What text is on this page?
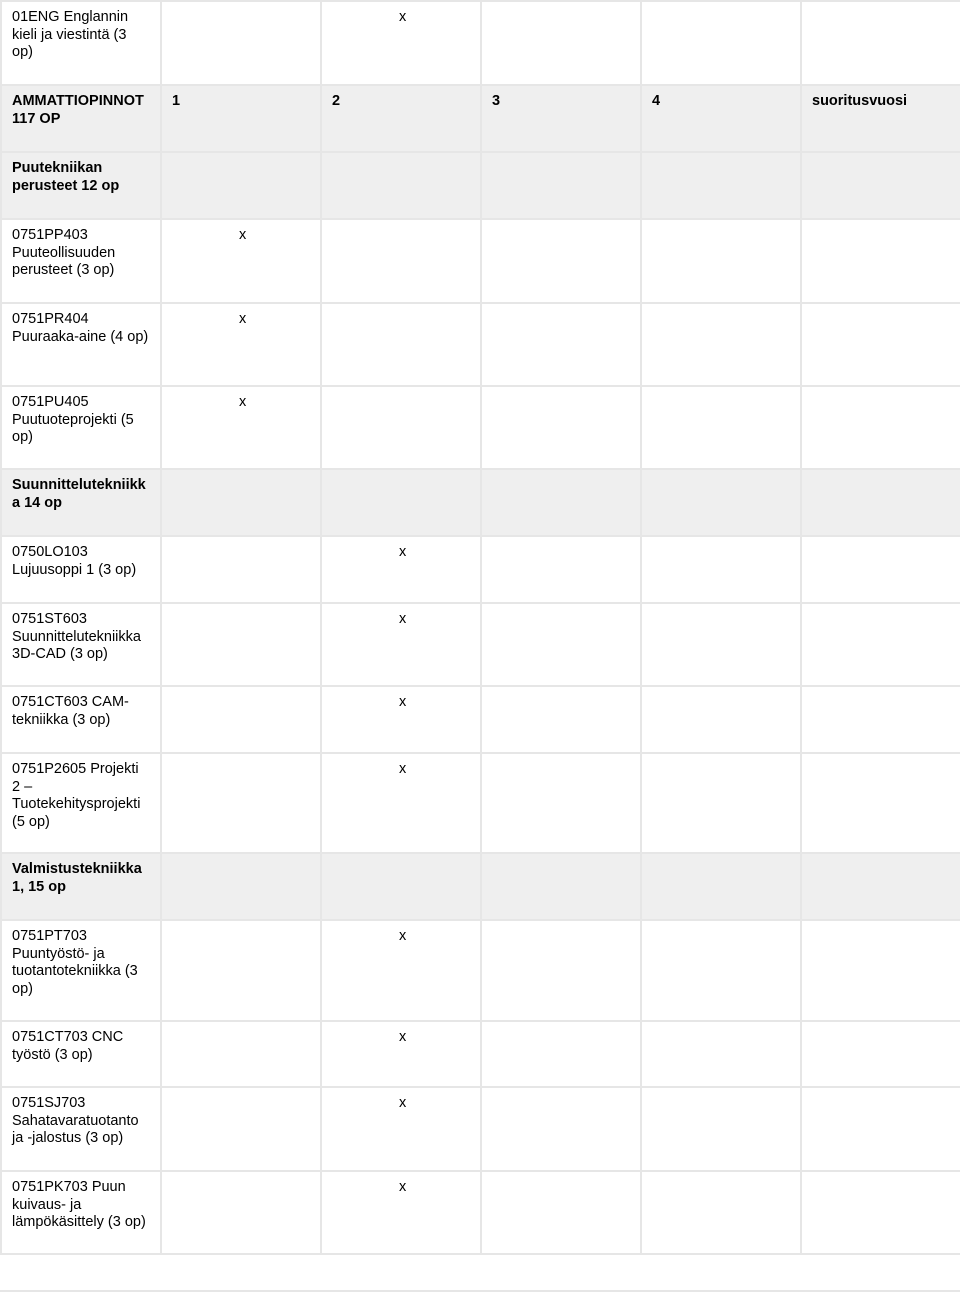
01ENG Englannin kieli ja viestintä (3 op)		x			
AMMATTIOPINNOT 117 OP	1	2	3	4	suoritusvuosi
Puutekniikan perusteet 12 op					
0751PP403 Puuteollisuuden perusteet (3 op)	x				
0751PR404 Puuraaka-aine (4 op)	x				
0751PU405 Puutuoteprojekti (5 op)	x				
Suunnittelutekniikk a 14 op					
0750LO103 Lujuusoppi 1 (3 op)		x			
0751ST603 Suunnittelutekniikka 3D-CAD (3 op)		x			
0751CT603 CAM-tekniikka (3 op)		x			
0751P2605 Projekti 2 – Tuotekehitysprojekti (5 op)		x			
Valmistustekniikka 1, 15 op					
0751PT703 Puuntyöstö- ja tuotantotekniikka (3 op)		x			
0751CT703 CNC työstö (3 op)		x			
0751SJ703 Sahatavaratuotanto ja -jalostus (3 op)		x			
0751PK703 Puun kuivaus- ja lämpökäsittely (3 op)		x			
